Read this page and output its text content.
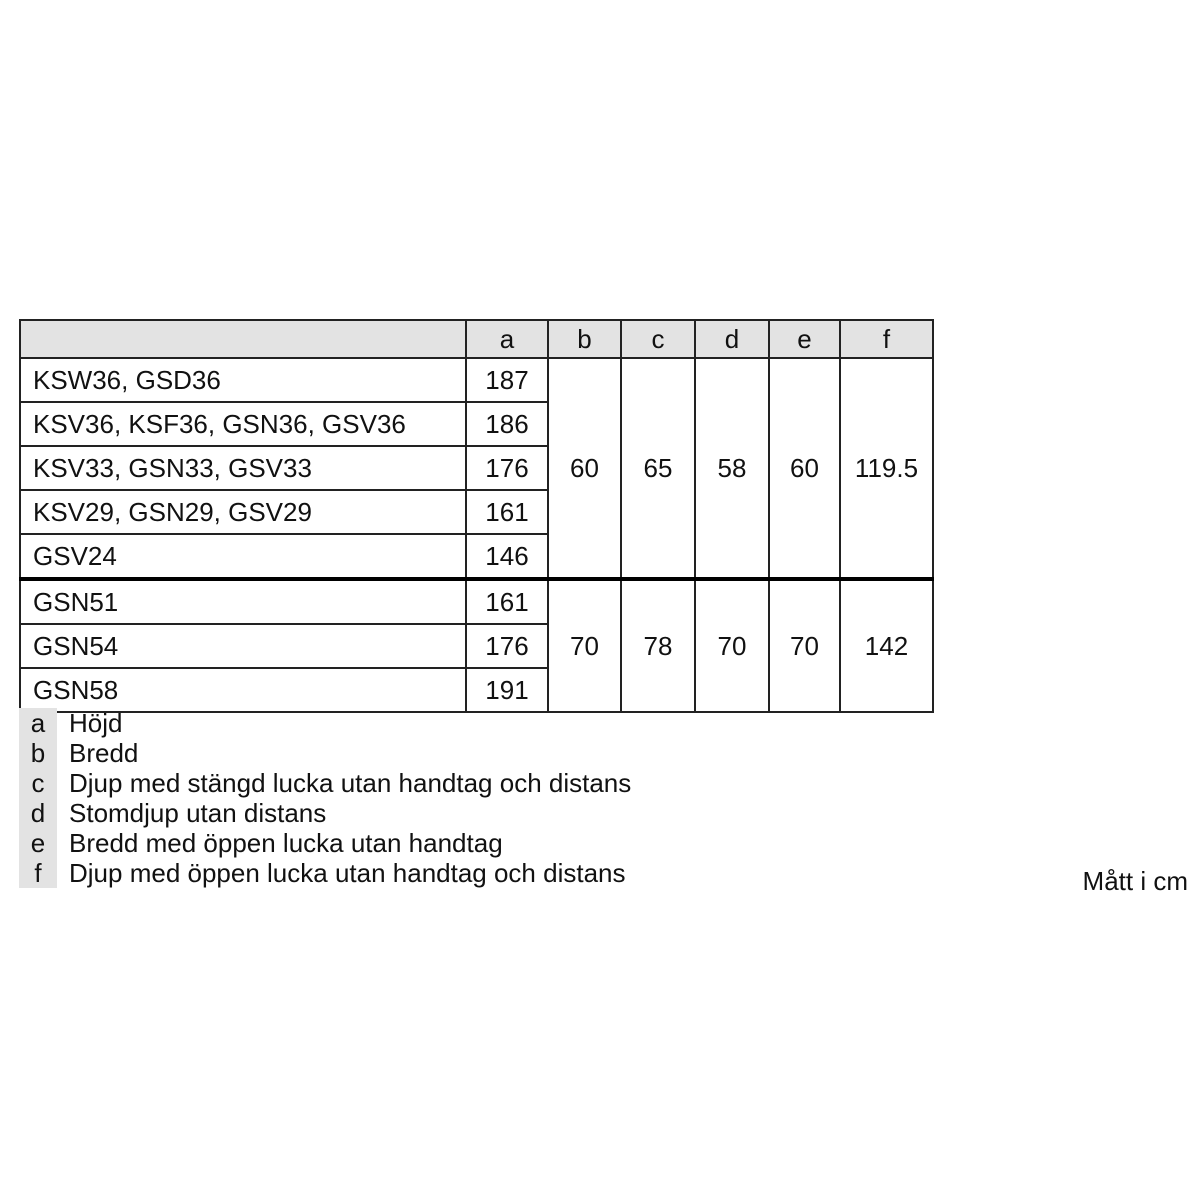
	a	b	c	d	e	f
KSW36, GSD36	187	60	65	58	60	119.5
KSV36, KSF36, GSN36, GSV36	186					
KSV33, GSN33, GSV33	176					
KSV29, GSN29, GSV29	161					
GSV24	146					
GSN51	161	70	78	70	70	142
GSN54	176					
GSN58	191					
a Höjd
b Bredd
c Djup med stängd lucka utan handtag och distans
d Stomdjup utan distans
e Bredd med öppen lucka utan handtag
f	Djup med öppen lucka utan handtag och distans	Mått i cm
